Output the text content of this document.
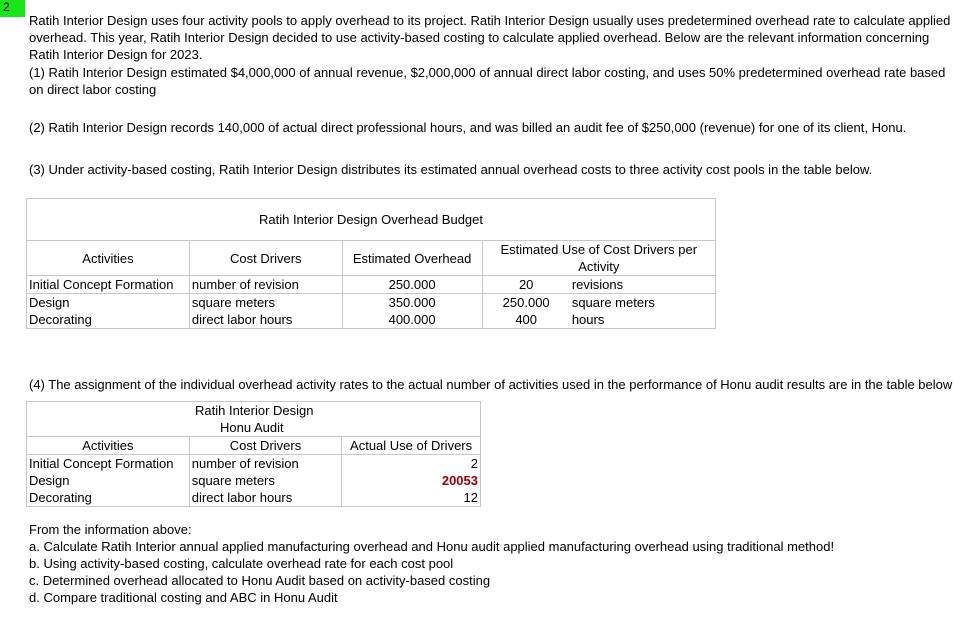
2

Ratih Interior Design uses four activity pools to apply overhead to its project. Ratih Interior Design usually uses predetermined overhead rate to calculate applied overhead. This year, Ratih Interior Design decided to use activity-based costing to calculate applied overhead. Below are the relevant information concerning Ratih Interior Design for 2023.

(1) Ratih Interior Design estimated $4,000,000 of annual revenue, $2,000,000 of annual direct labor costing, and uses 50% predetermined overhead rate based on direct labor costing

(2) Ratih Interior Design records 140,000 of actual direct professional hours, and was billed an audit fee of $250,000 (revenue) for one of its client, Honu.

(3) Under activity-based costing, Ratih Interior Design distributes its estimated annual overhead costs to three activity cost pools in the table below.

Ratih Interior Design Overhead Budget				
Activities	Cost Drivers	Estimated Overhead	Estimated Use of Cost Drivers per Activity	
Initial Concept Formation	number of revision	250.000	20	revisions
Design	square meters	350.000	250.000	square meters
Decorating	direct labor hours	400.000	400	hours

(4) The assignment of the individual overhead activity rates to the actual number of activities used in the performance of Honu audit results are in the table below

Ratih Interior Design		
Honu Audit		
Activities	Cost Drivers	Actual Use of Drivers
Initial Concept Formation	number of revision	2
Design	square meters	20053
Decorating	direct labor hours	12

From the information above:

a. Calculate Ratih Interior annual applied manufacturing overhead and Honu audit applied manufacturing overhead using traditional method!

b. Using activity-based costing, calculate overhead rate for each cost pool

c. Determined overhead allocated to Honu Audit based on activity-based costing

d. Compare traditional costing and ABC in Honu Audit
